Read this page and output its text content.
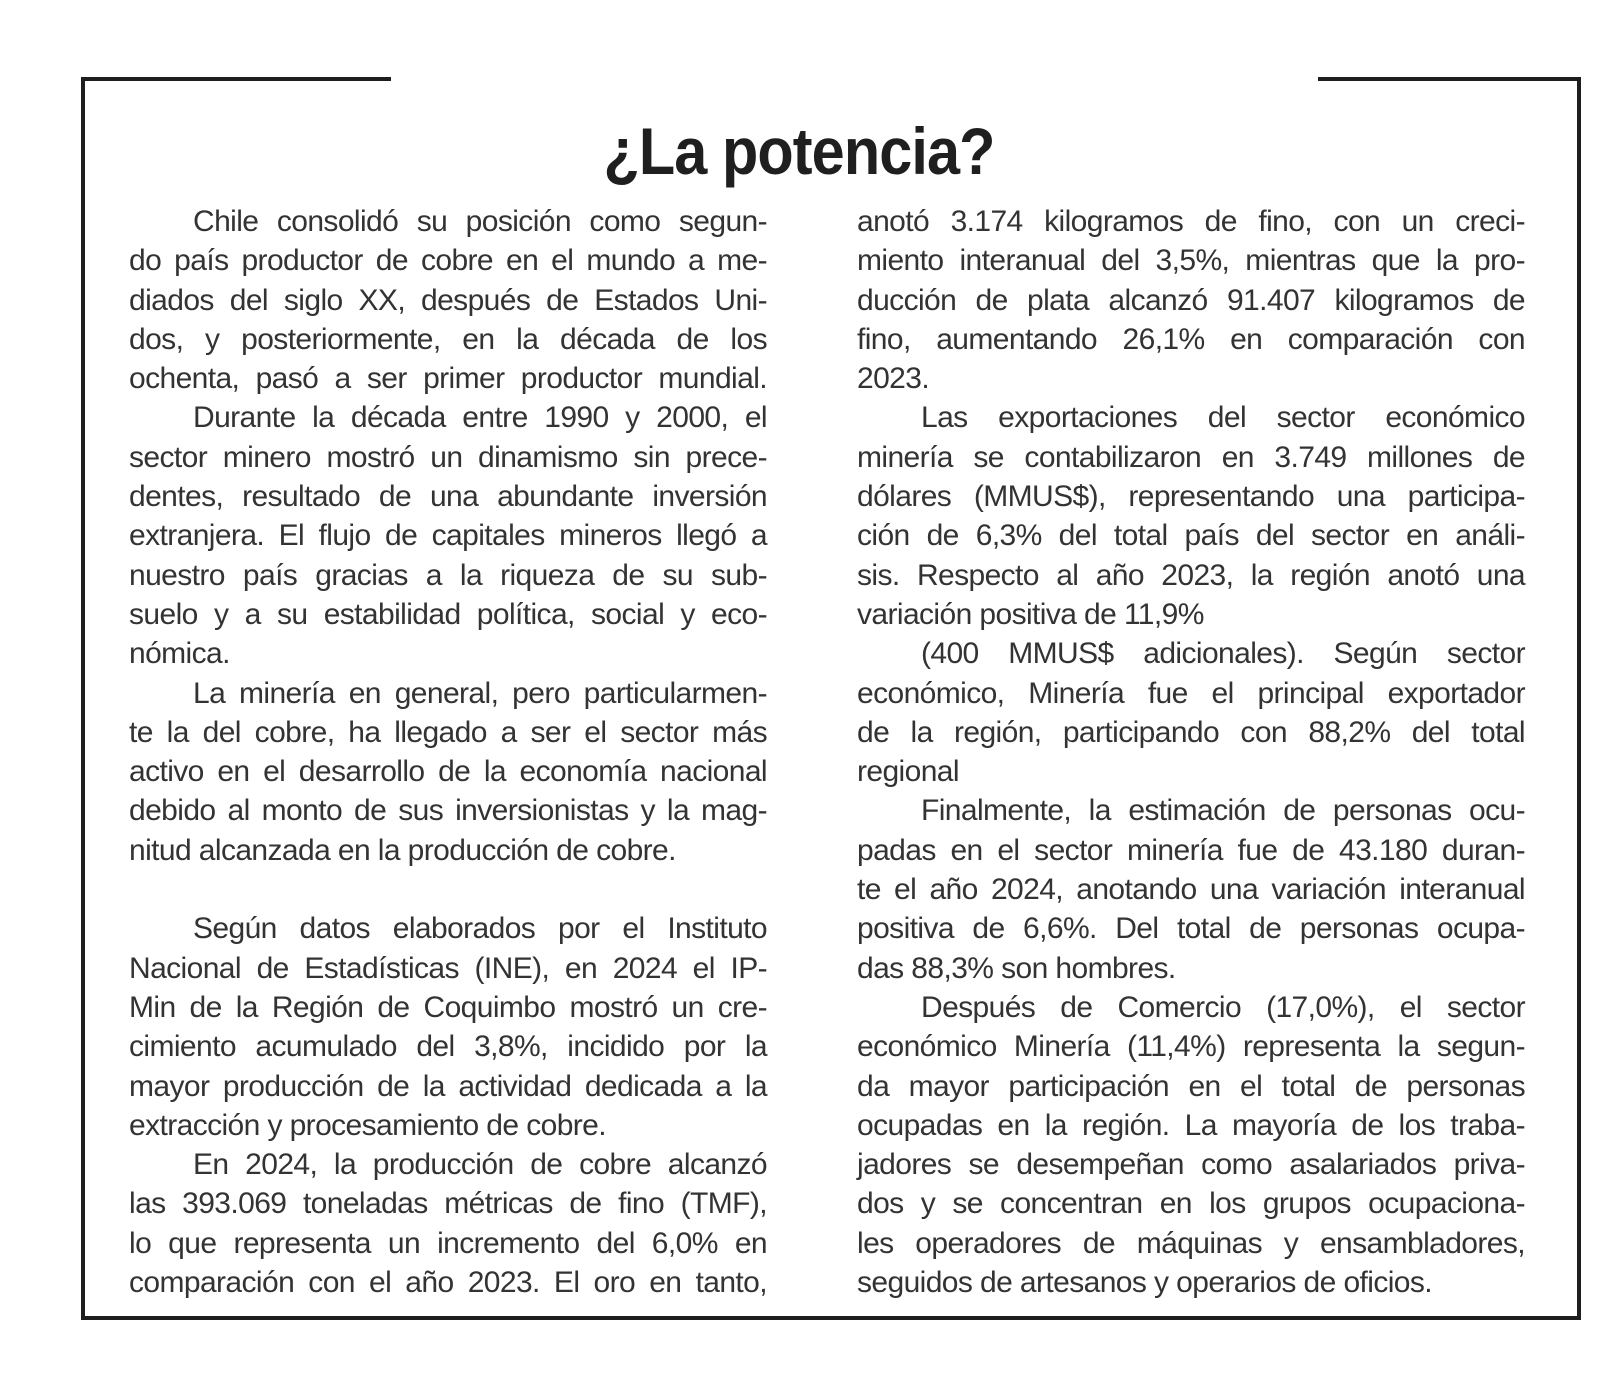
¿La potencia?
Chile consolidó su posición como segun-
do país productor de cobre en el mundo a me-
diados del siglo XX, después de Estados Uni-
dos, y posteriormente, en la década de los
ochenta, pasó a ser primer productor mundial.
Durante la década entre 1990 y 2000, el
sector minero mostró un dinamismo sin prece-
dentes, resultado de una abundante inversión
extranjera. El flujo de capitales mineros llegó a
nuestro país gracias a la riqueza de su sub-
suelo y a su estabilidad política, social y eco-
nómica.
La minería en general, pero particularmen-
te la del cobre, ha llegado a ser el sector más
activo en el desarrollo de la economía nacional
debido al monto de sus inversionistas y la mag-
nitud alcanzada en la producción de cobre.
Según datos elaborados por el Instituto
Nacional de Estadísticas (INE), en 2024 el IP-
Min de la Región de Coquimbo mostró un cre-
cimiento acumulado del 3,8%, incidido por la
mayor producción de la actividad dedicada a la
extracción y procesamiento de cobre.
En 2024, la producción de cobre alcanzó
las 393.069 toneladas métricas de fino (TMF),
lo que representa un incremento del 6,0% en
comparación con el año 2023. El oro en tanto,
anotó 3.174 kilogramos de fino, con un creci-
miento interanual del 3,5%, mientras que la pro-
ducción de plata alcanzó 91.407 kilogramos de
fino, aumentando 26,1% en comparación con
2023.
Las exportaciones del sector económico
minería se contabilizaron en 3.749 millones de
dólares (MMUS$), representando una participa-
ción de 6,3% del total país del sector en análi-
sis. Respecto al año 2023, la región anotó una
variación positiva de 11,9%
(400 MMUS$ adicionales). Según sector
económico, Minería fue el principal exportador
de la región, participando con 88,2% del total
regional
Finalmente, la estimación de personas ocu-
padas en el sector minería fue de 43.180 duran-
te el año 2024, anotando una variación interanual
positiva de 6,6%. Del total de personas ocupa-
das 88,3% son hombres.
Después de Comercio (17,0%), el sector
económico Minería (11,4%) representa la segun-
da mayor participación en el total de personas
ocupadas en la región. La mayoría de los traba-
jadores se desempeñan como asalariados priva-
dos y se concentran en los grupos ocupaciona-
les operadores de máquinas y ensambladores,
seguidos de artesanos y operarios de oficios.
